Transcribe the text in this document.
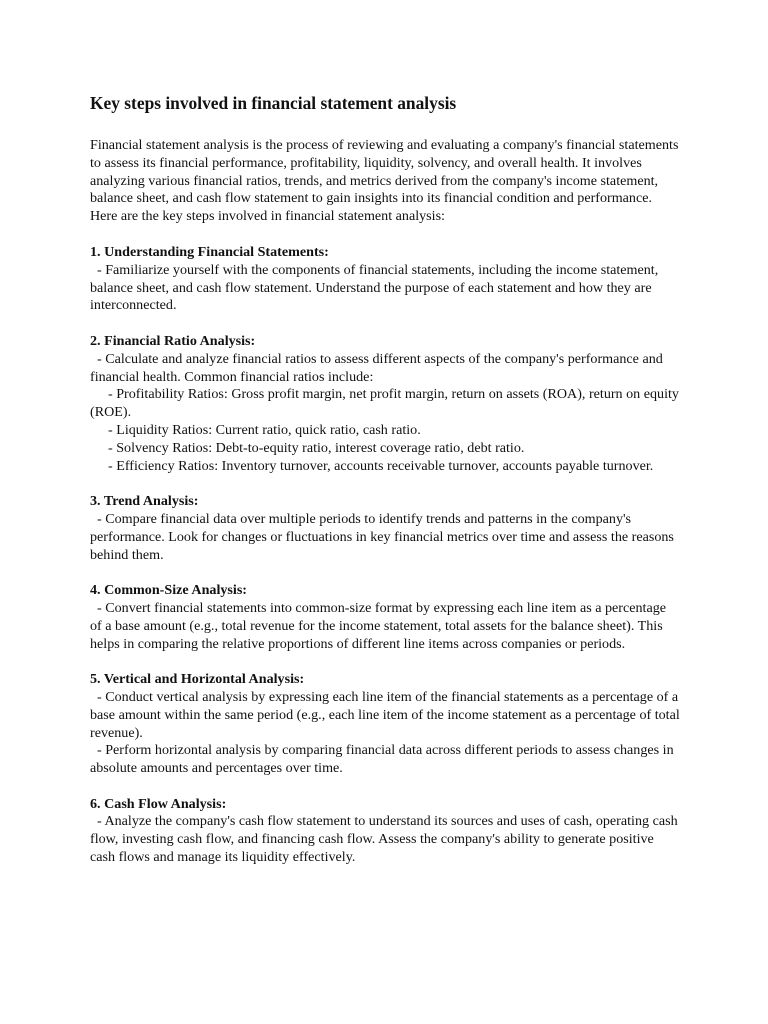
Key steps involved in financial statement analysis

Financial statement analysis is the process of reviewing and evaluating a company's financial statements to assess its financial performance, profitability, liquidity, solvency, and overall health. It involves analyzing various financial ratios, trends, and metrics derived from the company's income statement, balance sheet, and cash flow statement to gain insights into its financial condition and performance. Here are the key steps involved in financial statement analysis:

1. Understanding Financial Statements:

- Familiarize yourself with the components of financial statements, including the income statement, balance sheet, and cash flow statement. Understand the purpose of each statement and how they are interconnected.

2. Financial Ratio Analysis:

- Calculate and analyze financial ratios to assess different aspects of the company's performance and financial health. Common financial ratios include:

- Profitability Ratios: Gross profit margin, net profit margin, return on assets (ROA), return on equity (ROE).

- Liquidity Ratios: Current ratio, quick ratio, cash ratio.

- Solvency Ratios: Debt-to-equity ratio, interest coverage ratio, debt ratio.

- Efficiency Ratios: Inventory turnover, accounts receivable turnover, accounts payable turnover.

3. Trend Analysis:

- Compare financial data over multiple periods to identify trends and patterns in the company's performance. Look for changes or fluctuations in key financial metrics over time and assess the reasons behind them.

4. Common-Size Analysis:

- Convert financial statements into common-size format by expressing each line item as a percentage of a base amount (e.g., total revenue for the income statement, total assets for the balance sheet). This helps in comparing the relative proportions of different line items across companies or periods.

5. Vertical and Horizontal Analysis:

- Conduct vertical analysis by expressing each line item of the financial statements as a percentage of a base amount within the same period (e.g., each line item of the income statement as a percentage of total revenue).

- Perform horizontal analysis by comparing financial data across different periods to assess changes in absolute amounts and percentages over time.

6. Cash Flow Analysis:

- Analyze the company's cash flow statement to understand its sources and uses of cash, operating cash flow, investing cash flow, and financing cash flow. Assess the company's ability to generate positive cash flows and manage its liquidity effectively.
